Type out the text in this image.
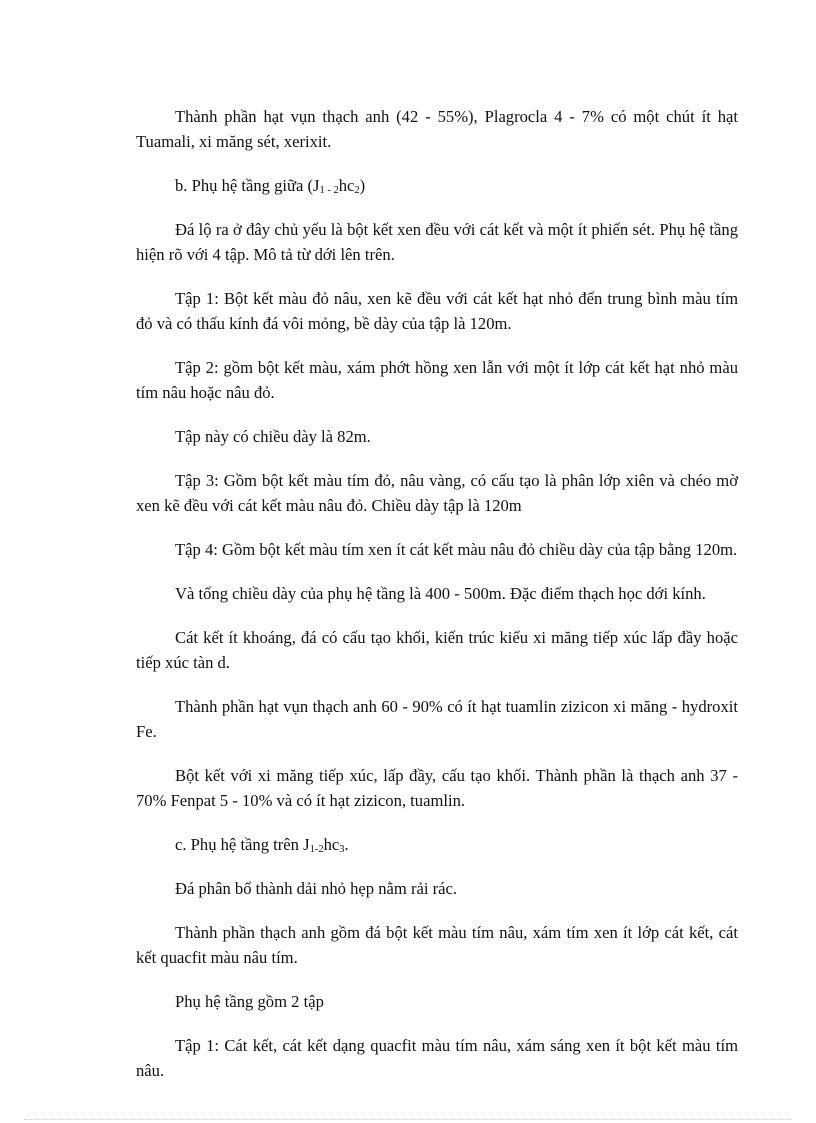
Thành phần hạt vụn thạch anh (42 - 55%), Plagrocla 4 - 7% có một chút ít hạt Tuamali, xi măng sét, xerixit.

b. Phụ hệ tầng giữa $(J_{1 - 2}hc_2)$

Đá lộ ra ở đây chủ yếu là bột kết xen đều với cát kết và một ít phiến sét. Phụ hệ tầng hiện rõ với 4 tập. Mô tả từ dới lên trên.

Tập 1: Bột kết màu đỏ nâu, xen kẽ đều với cát kết hạt nhỏ đến trung bình màu tím đỏ và có thấu kính đá vôi mỏng, bề dày của tập là 120m.

Tập 2: gồm bột kết màu, xám phớt hồng xen lẫn với một ít lớp cát kết hạt nhỏ màu tím nâu hoặc nâu đỏ.

Tập này có chiều dày là 82m.

Tập 3: Gồm bột kết màu tím đỏ, nâu vàng, có cấu tạo là phân lớp xiên và chéo mờ xen kẽ đều với cát kết màu nâu đỏ. Chiều dày tập là 120m

Tập 4: Gồm bột kết màu tím xen ít cát kết màu nâu đỏ chiều dày của tập bằng 120m.

Và tổng chiều dày của phụ hệ tầng là 400 - 500m. Đặc điểm thạch học dới kính.

Cát kết ít khoáng, đá có cấu tạo khối, kiến trúc kiểu xi măng tiếp xúc lấp đầy hoặc tiếp xúc tàn d.

Thành phần hạt vụn thạch anh 60 - 90% có ít hạt tuamlin zizicon xi măng - hydroxit Fe.

Bột kết với xi măng tiếp xúc, lấp đầy, cấu tạo khối. Thành phần là thạch anh 37 - 70% Fenpat 5 - 10% và có ít hạt zizicon, tuamlin.

c. Phụ hệ tầng trên $J_{1-2}hc_3$.

Đá phân bổ thành dải nhỏ hẹp nằm rải rác.

Thành phần thạch anh gồm đá bột kết màu tím nâu, xám tím xen ít lớp cát kết, cát kết quacfit màu nâu tím.

Phụ hệ tầng gồm 2 tập

Tập 1: Cát kết, cát kết dạng quacfit màu tím nâu, xám sáng xen ít bột kết màu tím nâu.
